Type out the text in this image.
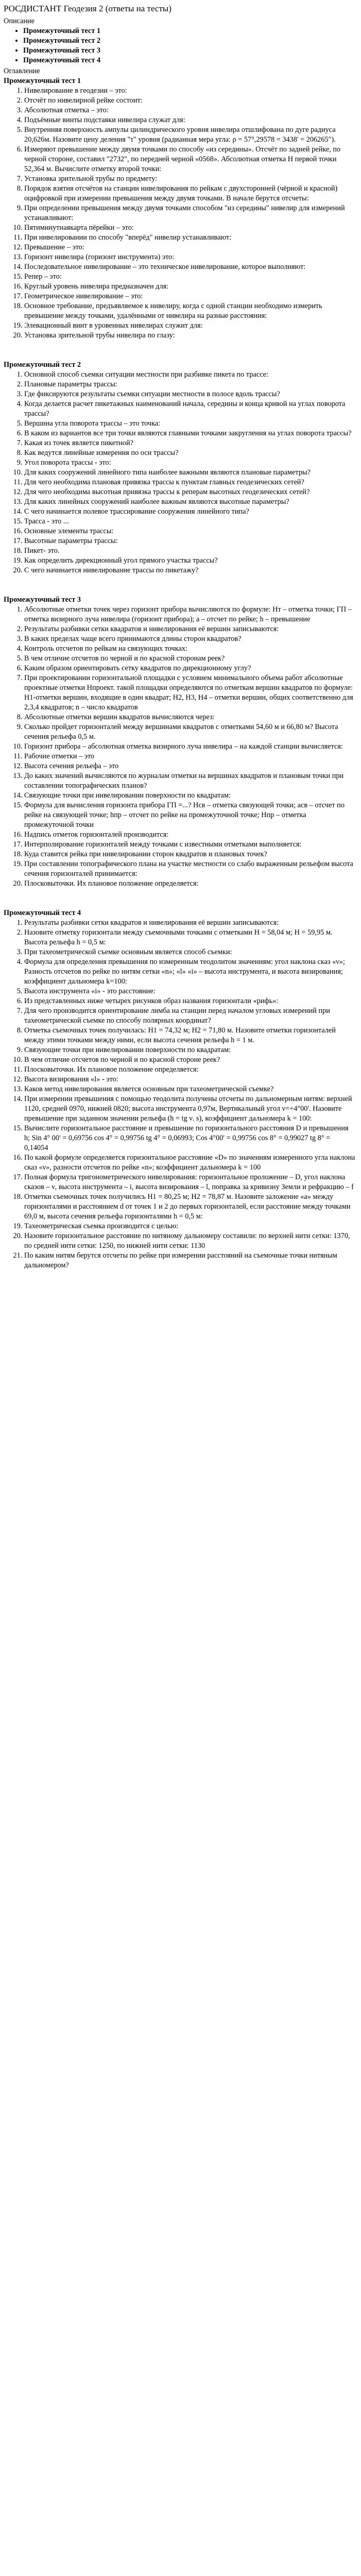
РОСДИСТАНТ Геодезия 2 (ответы на тесты)
Описание
• Промежуточный тест 1
• Промежуточный тест 2
• Промежуточный тест 3
• Промежуточный тест 4
Оглавление
Промежуточный тест 1
1. Нивелирование в геодезии – это:
2. Отсчёт по нивелирной рейке состоит:
3. Абсолютная отметка – это:
4. Подъёмные винты подставки нивелира служат для:
5. Внутренняя поверхность ампулы цилиндрического уровня нивелира отшлифована по дуге радиуса 20,626м. Назовите цену деления "τ" уровня (радианная мера угла: ρ = 57°,29578 = 3438' = 206265").
6. Измеряют превышение между двумя точками по способу «из середины». Отсчёт по задней рейке, по черной стороне, составил "2732", по передней черной «0568». Абсолютная отметка Н первой точки 52,364 м. Вычислите отметку второй точки:
7. Установка зрительной трубы по предмету:
8. Порядок взятия отсчётов на станции нивелирования по рейкам с двухсторонней (чёрной и красной) оцифровкой при измерении превышения между двумя точками. В начале берутся отсчеты:
9. При определении превышения между двумя точками способом "из середины" нивелир для измерений устанавливают:
10. Пятиминутнаякарта пёрейки – это:
11. При нивелировании по способу "вперёд" нивелир устанавливают:
12. Превышение – это:
13. Горизонт нивелира (горизонт инструмента) это:
14. Последовательное нивелирование – это техническое нивелирование, которое выполняют:
15. Репер – это:
16. Круглый уровень нивелира предназначен для:
17. Геометрическое нивелирование – это:
18. Основное требование, предъявляемое к нивелиру, когда с одной станции необходимо измерить превышение между точками, удалёнными от нивелира на разные расстояния:
19. Элевационный винт в уровенных нивелирах служит для:
20. Установка зрительной трубы нивелира по глазу:
Промежуточный тест 2
1. Основной способ съемки ситуации местности при разбивке пикета по трассе:
2. Плановые параметры трассы:
3. Где фиксируются результаты съемки ситуации местности в полосе вдоль трассы?
4. Когда делается расчет пикетажных наименований начала, середины и конца кривой на углах поворота трассы?
5. Вершина угла поворота трассы – это точка:
6. В каком из вариантов все три точки являются главными точками закругления на углах поворота трассы?
7. Какая из точек является пикетной?
8. Как ведутся линейные измерения по оси трассы?
9. Угол поворота трассы - это:
10. Для каких сооружений линейного типа наиболее важными являются плановые параметры?
11. Для чего необходима плановая привязка трассы к пунктам главных геодезических сетей?
12. Для чего необходима высотная привязка трассы к реперам высотных геодезических сетей?
13. Для каких линейных сооружений наиболее важным являются высотные параметры?
14. С чего начинается полевое трассирование сооружения линейного типа?
15. Трасса - это ...
16. Основные элементы трассы:
17. Высотные параметры трассы:
18. Пикет- это.
19. Как определить дирекционный угол прямого участка трассы?
20. С чего начинается нивелирование трассы по пикетажу?
Промежуточный тест 3
1. Абсолютные отметки точек через горизонт прибора вычисляются по формуле: Нт – отметка точки; ГП – отметка визирного луча нивелира (горизонт прибора); а – отсчет по рейке; h – превышение
2. Результаты разбивки сетки квадратов и нивелирования её вершин записываются:
3. В каких пределах чаще всего принимаются длины сторон квадратов?
4. Контроль отсчетов по рейкам на связующих точках:
5. В чем отличие отсчетов по черной и по красной сторонам реек?
6. Каким образом ориентировать сетку квадратов по дирекционному углу?
7. При проектировании горизонтальной площадки с условием минимального объема работ абсолютные проектные отметки Нпроект. такой площадки определяются по отметкам вершин квадратов по формуле: Н1-отметки вершин, входящие в один квадрат; Н2, Н3, Н4 – отметки вершин, общих соответственно для 2,3,4 квадратов; n – число квадратов
8. Абсолютные отметки вершин квадратов вычисляются через:
9. Сколько пройдет горизонталей между вершинами квадратов с отметками 54,60 м и 66,80 м? Высота сечения рельефа 0,5 м.
10. Горизонт прибора – абсолютная отметка визирного луча нивелира – на каждой станции вычисляется:
11. Рабочие отметки – это
12. Высота сечения рельефа – это
13. До каких значений вычисляются по журналам отметки на вершинах квадратов и плановым точки при составлении топографических планов?
14. Связующие точки при нивелировании поверхности по квадратам:
15. Формула для вычисления горизонта прибора ГП =...? Нсв – отметка связующей точки; асв – отсчет по рейке на связующей точке; hпр – отсчет по рейке на промежуточной точке; Нпр – отметка промежуточной точки
16. Надпись отметок горизонталей производится:
17. Интерполирование горизонталей между точками с известными отметками выполняется:
18. Куда ставится рейка при нивелировании сторон квадратов и плановых точек?
19. При составлении топографического плана на участке местности со слабо выраженным рельефом высота сечения горизонталей принимается:
20. Плосковыточки. Их плановое положение определяется:
Промежуточный тест 4
1. Результаты разбивки сетки квадратов и нивелирования её вершин записываются:
2. Назовите отметку горизонтали между съемочными точками с отметками Н = 58,04 м; Н = 59,95 м. Высота рельефа h = 0,5 м:
3. При тахеометрической съемке основным является способ съемки:
4. Формула для определения превышения по измеренным теодолитом значениям: угол наклона сказ «ν»; Разность отсчетов по рейке по нитям сетки «n»; «l» «i» – высота инструмента, и высота визирования; коэффициент дальномера k=100:
5. Высота инструмента «i» - это расстояние:
6. Из представленных ниже четырех рисунков образ названия горизонтали «рифь»:
7. Для чего производится ориентирование лимба на станции перед началом угловых измерений при тахеометрической съемке по способу полярных координат?
8. Отметка съемочных точек получилась: Н1 = 74,32 м; Н2 = 71,80 м. Назовите отметки горизонталей между этими точками между ними, если высота сечения рельефа h = 1 м.
9. Связующие точки при нивелировании поверхности по квадратам:
10. В чем отличие отсчетов по черной и по красной стороне реек?
11. Плосковыточки. Их плановое положение определяется:
12. Высота визирования «l» - это:
13. Каков метод нивелирования является основным при тахеометрической съемке?
14. При измерении превышения с помощью теодолита получены отсчеты по дальномерным нитям: верхней 1120, средней 0970, нижней 0820; высота инструмента 0,97м, Вертикальный угол ν=+4°00'. Назовите превышение при заданном значении рельефа (h = tg ν. s), коэффициент дальномера k = 100:
15. Вычислите горизонтальное расстояние и превышение по горизонтального расстояния D и превышения h; Sin 4° 00' = 0,69756 cos 4° = 0,99756 tg 4° = 0,06993; Cos 4°00' = 0,99756 cos 8° = 0,99027 tg 8° = 0,14054
16. По какой формуле определяется горизонтальное расстояние «D» по значениям измеренного угла наклона сказ «ν», разности отсчетов по рейке «n»; коэффициент дальномера k = 100
17. Полная формула тригонометрического нивелирования: горизонтальное проложение – D, угол наклона сказов – ν, высота инструмента – i, высота визирования – l, поправка за кривизну Земли и рефракцию – f
18. Отметки съемочных точек получились Н1 = 80,25 м; Н2 = 78,87 м. Назовите заложение «а» между горизонталями и расстоянием d от точек 1 и 2 до первых горизонталей, если расстояние между точками 69,0 м, высота сечения рельефа горизонталями h = 0,5 м:
19. Тахеометрическая съемка производится с целью:
20. Назовите горизонтальное расстояние по нитяному дальномеру составили: по верхней нити сетки: 1370, по средней нити сетки: 1250, по нижней нити сетки: 1130
21. По каким нитям берутся отсчеты по рейке при измерении расстояний на съемочные точки нитяным дальномером?
